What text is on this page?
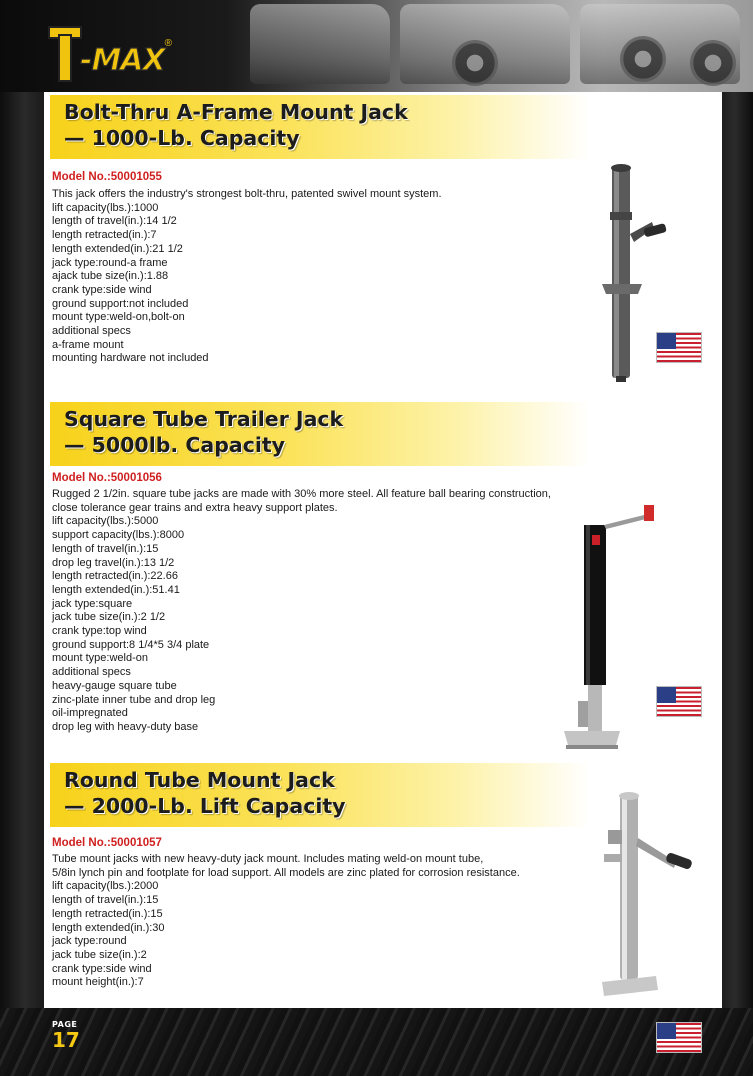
-MAX ®
Bolt-Thru A-Frame Mount Jack
— 1000-Lb. Capacity
Model No.:50001055
This jack offers the industry's strongest bolt-thru, patented swivel mount system.
lift capacity(lbs.):1000
length of travel(in.):14 1/2
length retracted(in.):7
length extended(in.):21 1/2
jack type:round-a frame
ajack tube size(in.):1.88
crank type:side wind
ground support:not included
mount type:weld-on,bolt-on
additional specs
a-frame mount
mounting hardware not included
Square Tube Trailer Jack
— 5000lb. Capacity
Model No.:50001056
Rugged 2 1/2in. square tube jacks are made with 30% more steel. All feature ball bearing construction,
close tolerance gear trains and extra heavy support plates.
lift capacity(lbs.):5000
support capacity(lbs.):8000
length of travel(in.):15
drop leg travel(in.):13 1/2
length retracted(in.):22.66
length extended(in.):51.41
jack type:square
jack tube size(in.):2 1/2
crank type:top wind
ground support:8 1/4*5 3/4 plate
mount type:weld-on
additional specs
heavy-gauge square tube
zinc-plate inner tube and drop leg
oil-impregnated
drop leg with heavy-duty base
Round Tube Mount Jack
— 2000-Lb. Lift Capacity
Model No.:50001057
Tube mount jacks with new heavy-duty jack mount. Includes mating weld-on mount tube,
5/8in lynch pin and footplate for load support. All models are zinc plated for corrosion resistance.
lift capacity(lbs.):2000
length of travel(in.):15
length retracted(in.):15
length extended(in.):30
jack type:round
jack tube size(in.):2
crank type:side wind
mount height(in.):7
PAGE
17
